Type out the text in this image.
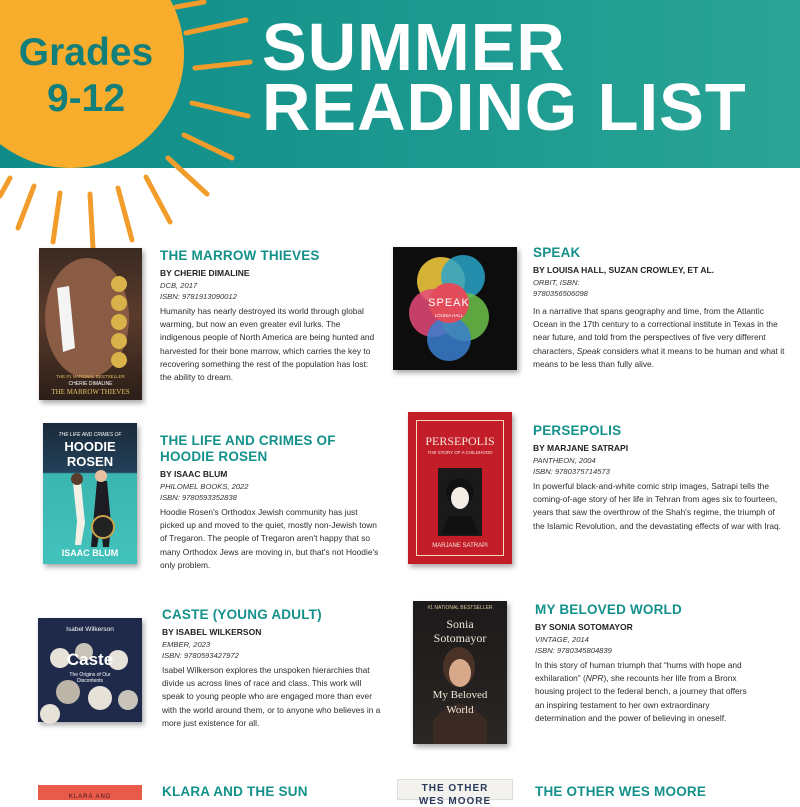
SUMMER
READING LIST
Grades
9-12
THE #1 NATIONAL BESTSELLER
CHERIE DIMALINE
THE MARROW THIEVES
THE MARROW THIEVES
BY CHERIE DIMALINE
DCB, 2017
ISBN: 9781913090012
Humanity has nearly destroyed its world through global warming, but now an even greater evil lurks. The indigenous people of North America are being hunted and harvested for their bone marrow, which carries the key to recovering something the rest of the population has lost: the ability to dream.
SPEAK
LOUISA HALL
SPEAK
BY LOUISA HALL, SUZAN CROWLEY, ET AL.
ORBIT, ISBN:
9780356506098
In a narrative that spans geography and time, from the Atlantic Ocean in the 17th century to a correctional institute in Texas in the near future, and told from the perspectives of five very different characters, Speak considers what it means to be human and what it means to be less than fully alive.
THE LIFE AND CRIMES OF
HOODIE ROSEN
ISAAC BLUM
THE LIFE AND CRIMES OF HOODIE ROSEN
BY ISAAC BLUM
PHILOMEL BOOKS, 2022
ISBN: 9780593352838
Hoodie Rosen's Orthodox Jewish community has just picked up and moved to the quiet, mostly non-Jewish town of Tregaron. The people of Tregaron aren't happy that so many Orthodox Jews are moving in, but that's not Hoodie's only problem.
PERSEPOLIS
THE STORY OF A CHILDHOOD
MARJANE SATRAPI
PERSEPOLIS
BY MARJANE SATRAPI
PANTHEON, 2004
ISBN: 9780375714573
In powerful black-and-white comic strip images, Satrapi tells the coming-of-age story of her life in Tehran from ages six to fourteen, years that saw the overthrow of the Shah's regime, the triumph of the Islamic Revolution, and the devastating effects of war with Iraq.
Isabel Wilkerson
Caste
The Origins of Our Discontents
CASTE (YOUNG ADULT)
BY ISABEL WILKERSON
EMBER, 2023
ISBN: 9780593427972
Isabel Wilkerson explores the unspoken hierarchies that divide us across lines of race and class. This work will speak to young people who are engaged more than ever with the world around them, or to anyone who believes in a more just existence for all.
#1 NATIONAL BESTSELLER
Sonia
Sotomayor
My Beloved
World
MY BELOVED WORLD
BY SONIA SOTOMAYOR
VINTAGE, 2014
ISBN: 9780345804839
In this story of human triumph that “hums with hope and exhilaration” (NPR), she recounts her life from a Bronx housing project to the federal bench, a journey that offers an inspiring testament to her own extraordinary determination and the power of believing in oneself.
KLARA AND	KLARA AND THE SUN	THE OTHER
WES MOORE
THE OTHER WES MOORE
